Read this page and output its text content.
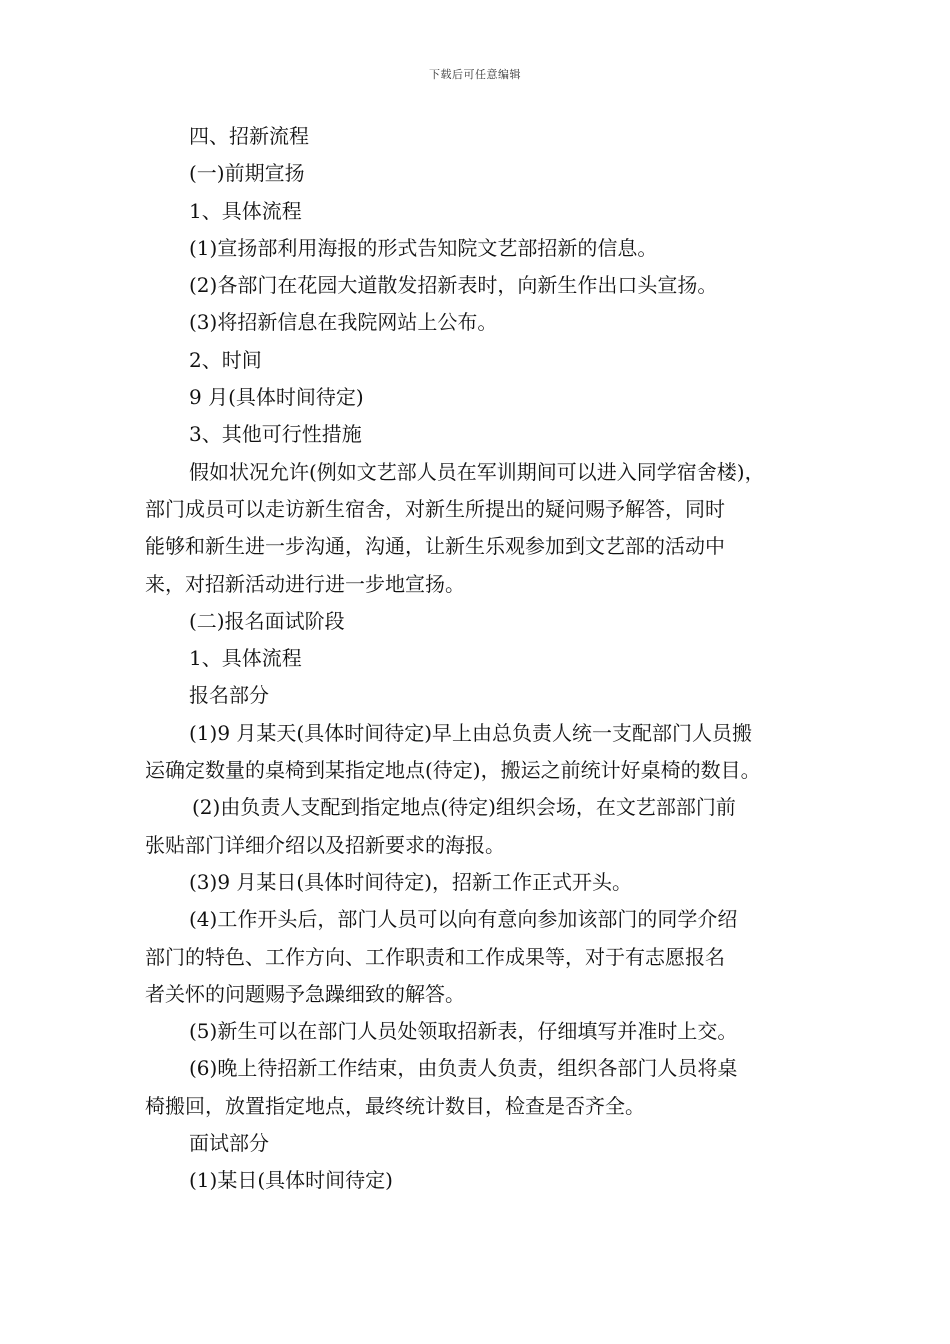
下载后可任意编辑
四、招新流程
(一)前期宣扬
1、具体流程
(1)宣扬部利用海报的形式告知院文艺部招新的信息。
(2)各部门在花园大道散发招新表时，向新生作出口头宣扬。
(3)将招新信息在我院网站上公布。
2、时间
9 月(具体时间待定)
3、其他可行性措施
假如状况允许(例如文艺部人员在军训期间可以进入同学宿舍楼)，
部门成员可以走访新生宿舍，对新生所提出的疑问赐予解答，同时
能够和新生进一步沟通，沟通，让新生乐观参加到文艺部的活动中
来，对招新活动进行进一步地宣扬。
(二)报名面试阶段
1、具体流程
报名部分
(1)9 月某天(具体时间待定)早上由总负责人统一支配部门人员搬
运确定数量的桌椅到某指定地点(待定)，搬运之前统计好桌椅的数目。
(2)由负责人支配到指定地点(待定)组织会场，在文艺部部门前
张贴部门详细介绍以及招新要求的海报。
(3)9 月某日(具体时间待定)，招新工作正式开头。
(4)工作开头后，部门人员可以向有意向参加该部门的同学介绍
部门的特色、工作方向、工作职责和工作成果等，对于有志愿报名
者关怀的问题赐予急躁细致的解答。
(5)新生可以在部门人员处领取招新表，仔细填写并准时上交。
(6)晚上待招新工作结束，由负责人负责，组织各部门人员将桌
椅搬回，放置指定地点，最终统计数目，检查是否齐全。
面试部分
(1)某日(具体时间待定)
